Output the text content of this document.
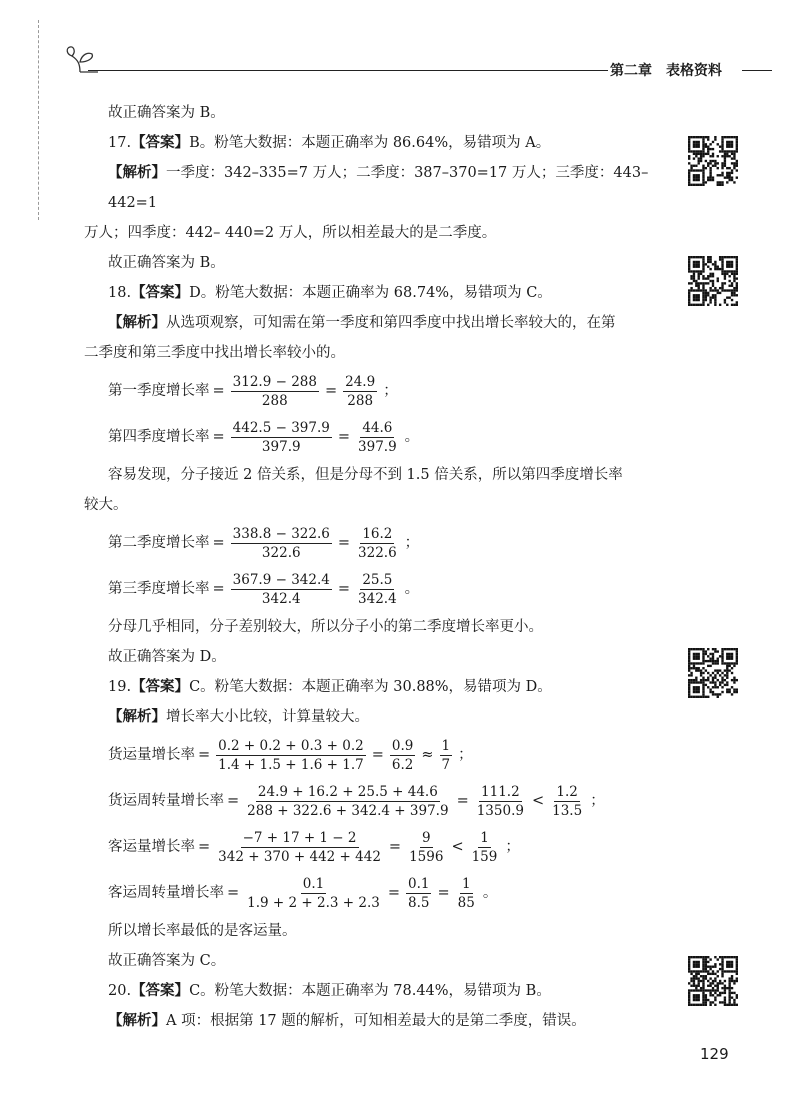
第二章 表格资料

故正确答案为 B。

17.【答案】B。粉笔大数据：本题正确率为 86.64%，易错项为 A。

【解析】一季度：342–335=7 万人；二季度：387–370=17 万人；三季度：443– 442=1

万人；四季度：442– 440=2 万人，所以相差最大的是二季度。

故正确答案为 B。

18.【答案】D。粉笔大数据：本题正确率为 68.74%，易错项为 C。

【解析】从选项观察，可知需在第一季度和第四季度中找出增长率较大的，在第

二季度和第三季度中找出增长率较小的。

第一季度增长率 = $\frac{312.9 - 288}{288} = \frac{24.9}{288}$ ；
第四季度增长率 = $\frac{442.5 - 397.9}{397.9} = \frac{44.6}{397.9}$ 。

容易发现，分子接近 2 倍关系，但是分母不到 1.5 倍关系，所以第四季度增长率

较大。

第二季度增长率 = $\frac{338.8 - 322.6}{322.6} = \frac{16.2}{322.6}$ ；
第三季度增长率 = $\frac{367.9 - 342.4}{342.4} = \frac{25.5}{342.4}$ 。

分母几乎相同，分子差别较大，所以分子小的第二季度增长率更小。

故正确答案为 D。

19.【答案】C。粉笔大数据：本题正确率为 30.88%，易错项为 D。

【解析】增长率大小比较，计算量较大。

货运量增长率 = $\frac{0.2 + 0.2 + 0.3 + 0.2}{1.4 + 1.5 + 1.6 + 1.7} = \frac{0.9}{6.2} \approx \frac{1}{7}$ ；
货运周转量增长率 = $\frac{24.9 + 16.2 + 25.5 + 44.6}{288 + 322.6 + 342.4 + 397.9} = \frac{111.2}{1350.9} < \frac{1.2}{13.5}$ ；
客运量增长率 = $\frac{-7 + 17 + 1 - 2}{342 + 370 + 442 + 442} = \frac{9}{1596} < \frac{1}{159}$ ；
客运周转量增长率 = $\frac{0.1}{1.9 + 2 + 2.3 + 2.3} = \frac{0.1}{8.5} = \frac{1}{85}$ 。

所以增长率最低的是客运量。

故正确答案为 C。

20.【答案】C。粉笔大数据：本题正确率为 78.44%，易错项为 B。

【解析】A 项：根据第 17 题的解析，可知相差最大的是第二季度，错误。

129
